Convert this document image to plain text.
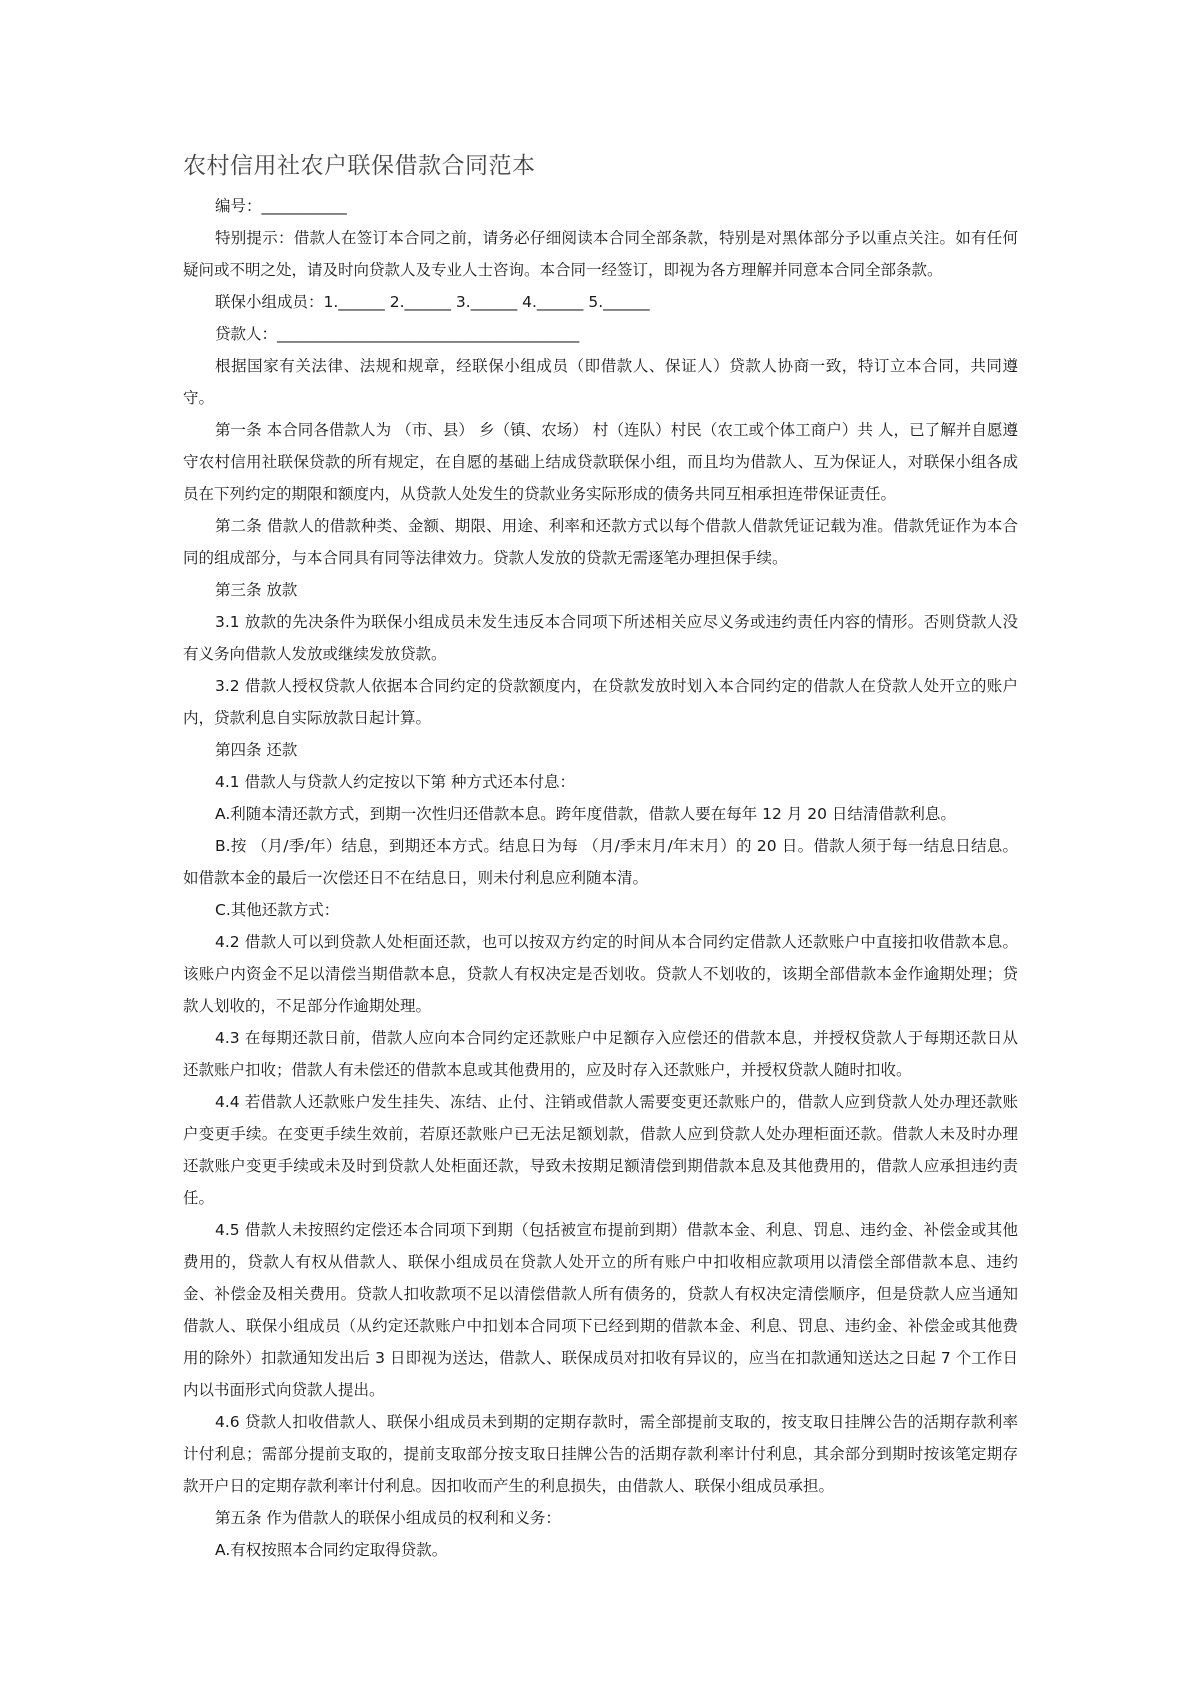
农村信用社农户联保借款合同范本

编号：___________

特别提示：借款人在签订本合同之前，请务必仔细阅读本合同全部条款，特别是对黑体部分予以重点关注。如有任何疑问或不明之处，请及时向贷款人及专业人士咨询。本合同一经签订，即视为各方理解并同意本合同全部条款。

联保小组成员：1.______ 2.______ 3.______ 4.______ 5.______

贷款人：_______________________________________

根据国家有关法律、法规和规章，经联保小组成员（即借款人、保证人）贷款人协商一致，特订立本合同，共同遵守。

第一条 本合同各借款人为 （市、县） 乡（镇、农场） 村（连队）村民（农工或个体工商户）共 人，已了解并自愿遵守农村信用社联保贷款的所有规定，在自愿的基础上结成贷款联保小组，而且均为借款人、互为保证人，对联保小组各成员在下列约定的期限和额度内，从贷款人处发生的贷款业务实际形成的债务共同互相承担连带保证责任。

第二条 借款人的借款种类、金额、期限、用途、利率和还款方式以每个借款人借款凭证记载为准。借款凭证作为本合同的组成部分，与本合同具有同等法律效力。贷款人发放的贷款无需逐笔办理担保手续。

第三条 放款

3.1 放款的先决条件为联保小组成员未发生违反本合同项下所述相关应尽义务或违约责任内容的情形。否则贷款人没有义务向借款人发放或继续发放贷款。

3.2 借款人授权贷款人依据本合同约定的贷款额度内，在贷款发放时划入本合同约定的借款人在贷款人处开立的账户内，贷款利息自实际放款日起计算。

第四条 还款

4.1 借款人与贷款人约定按以下第 种方式还本付息：

A.利随本清还款方式，到期一次性归还借款本息。跨年度借款，借款人要在每年 12 月 20 日结清借款利息。

B.按 （月/季/年）结息，到期还本方式。结息日为每 （月/季末月/年末月）的 20 日。借款人须于每一结息日结息。如借款本金的最后一次偿还日不在结息日，则未付利息应利随本清。

C.其他还款方式：

4.2 借款人可以到贷款人处柜面还款，也可以按双方约定的时间从本合同约定借款人还款账户中直接扣收借款本息。该账户内资金不足以清偿当期借款本息，贷款人有权决定是否划收。贷款人不划收的，该期全部借款本金作逾期处理；贷款人划收的，不足部分作逾期处理。

4.3 在每期还款日前，借款人应向本合同约定还款账户中足额存入应偿还的借款本息，并授权贷款人于每期还款日从还款账户扣收；借款人有未偿还的借款本息或其他费用的，应及时存入还款账户，并授权贷款人随时扣收。

4.4 若借款人还款账户发生挂失、冻结、止付、注销或借款人需要变更还款账户的，借款人应到贷款人处办理还款账户变更手续。在变更手续生效前，若原还款账户已无法足额划款，借款人应到贷款人处办理柜面还款。借款人未及时办理还款账户变更手续或未及时到贷款人处柜面还款，导致未按期足额清偿到期借款本息及其他费用的，借款人应承担违约责任。

4.5 借款人未按照约定偿还本合同项下到期（包括被宣布提前到期）借款本金、利息、罚息、违约金、补偿金或其他费用的，贷款人有权从借款人、联保小组成员在贷款人处开立的所有账户中扣收相应款项用以清偿全部借款本息、违约金、补偿金及相关费用。贷款人扣收款项不足以清偿借款人所有债务的，贷款人有权决定清偿顺序，但是贷款人应当通知借款人、联保小组成员（从约定还款账户中扣划本合同项下已经到期的借款本金、利息、罚息、违约金、补偿金或其他费用的除外）扣款通知发出后 3 日即视为送达，借款人、联保成员对扣收有异议的，应当在扣款通知送达之日起 7 个工作日内以书面形式向贷款人提出。

4.6 贷款人扣收借款人、联保小组成员未到期的定期存款时，需全部提前支取的，按支取日挂牌公告的活期存款利率计付利息；需部分提前支取的，提前支取部分按支取日挂牌公告的活期存款利率计付利息，其余部分到期时按该笔定期存款开户日的定期存款利率计付利息。因扣收而产生的利息损失，由借款人、联保小组成员承担。

第五条 作为借款人的联保小组成员的权利和义务：

A.有权按照本合同约定取得贷款。
